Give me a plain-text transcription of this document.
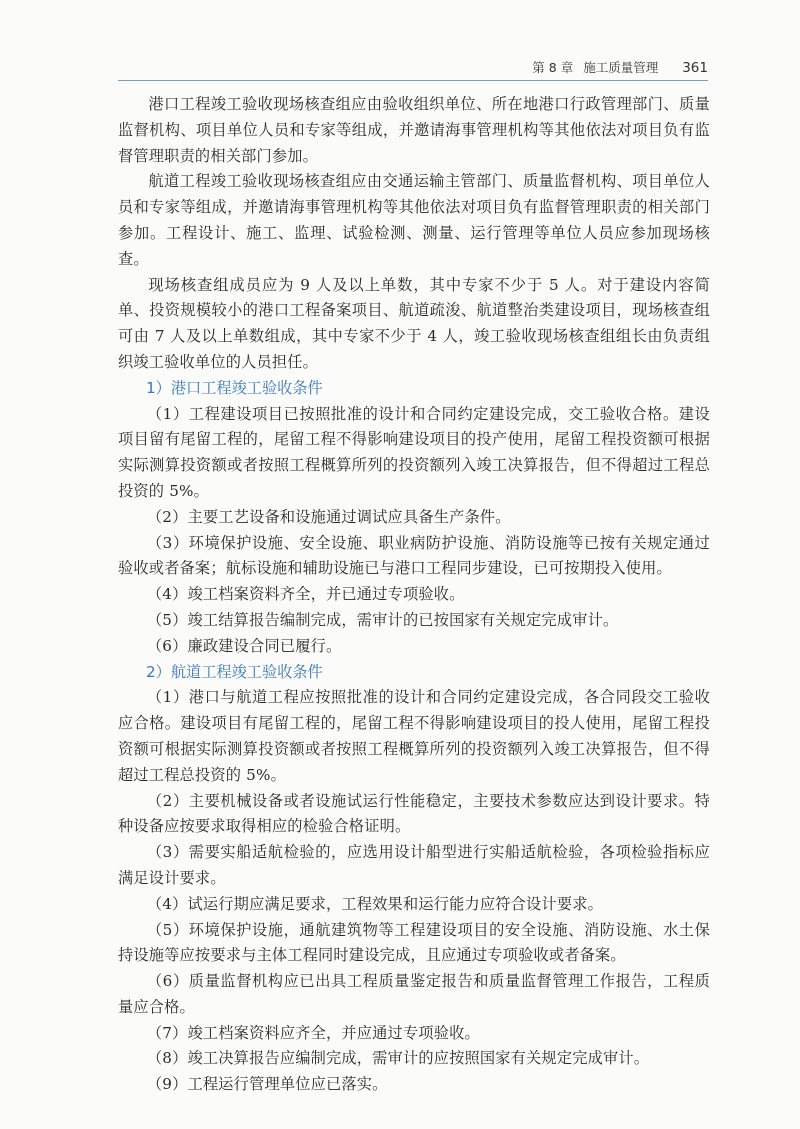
第 8 章 施工质量管理 361

港口工程竣工验收现场核查组应由验收组织单位、所在地港口行政管理部门、质量监督机构、项目单位人员和专家等组成，并邀请海事管理机构等其他依法对项目负有监督管理职责的相关部门参加。

航道工程竣工验收现场核查组应由交通运输主管部门、质量监督机构、项目单位人员和专家等组成，并邀请海事管理机构等其他依法对项目负有监督管理职责的相关部门参加。工程设计、施工、监理、试验检测、测量、运行管理等单位人员应参加现场核查。

现场核查组成员应为 9 人及以上单数，其中专家不少于 5 人。对于建设内容简单、投资规模较小的港口工程备案项目、航道疏浚、航道整治类建设项目，现场核查组可由 7 人及以上单数组成，其中专家不少于 4 人，竣工验收现场核查组组长由负责组织竣工验收单位的人员担任。

1）港口工程竣工验收条件

（1）工程建设项目已按照批准的设计和合同约定建设完成，交工验收合格。建设项目留有尾留工程的，尾留工程不得影响建设项目的投产使用，尾留工程投资额可根据实际测算投资额或者按照工程概算所列的投资额列入竣工决算报告，但不得超过工程总投资的 5%。

（2）主要工艺设备和设施通过调试应具备生产条件。

（3）环境保护设施、安全设施、职业病防护设施、消防设施等已按有关规定通过验收或者备案；航标设施和辅助设施已与港口工程同步建设，已可按期投入使用。

（4）竣工档案资料齐全，并已通过专项验收。

（5）竣工结算报告编制完成，需审计的已按国家有关规定完成审计。

（6）廉政建设合同已履行。

2）航道工程竣工验收条件

（1）港口与航道工程应按照批准的设计和合同约定建设完成，各合同段交工验收应合格。建设项目有尾留工程的，尾留工程不得影响建设项目的投人使用，尾留工程投资额可根据实际测算投资额或者按照工程概算所列的投资额列入竣工决算报告，但不得超过工程总投资的 5%。

（2）主要机械设备或者设施试运行性能稳定，主要技术参数应达到设计要求。特种设备应按要求取得相应的检验合格证明。

（3）需要实船适航检验的，应选用设计船型进行实船适航检验，各项检验指标应满足设计要求。

（4）试运行期应满足要求，工程效果和运行能力应符合设计要求。

（5）环境保护设施，通航建筑物等工程建设项目的安全设施、消防设施、水土保持设施等应按要求与主体工程同时建设完成，且应通过专项验收或者备案。

（6）质量监督机构应已出具工程质量鉴定报告和质量监督管理工作报告，工程质量应合格。

（7）竣工档案资料应齐全，并应通过专项验收。

（8）竣工决算报告应编制完成，需审计的应按照国家有关规定完成审计。

（9）工程运行管理单位应已落实。
